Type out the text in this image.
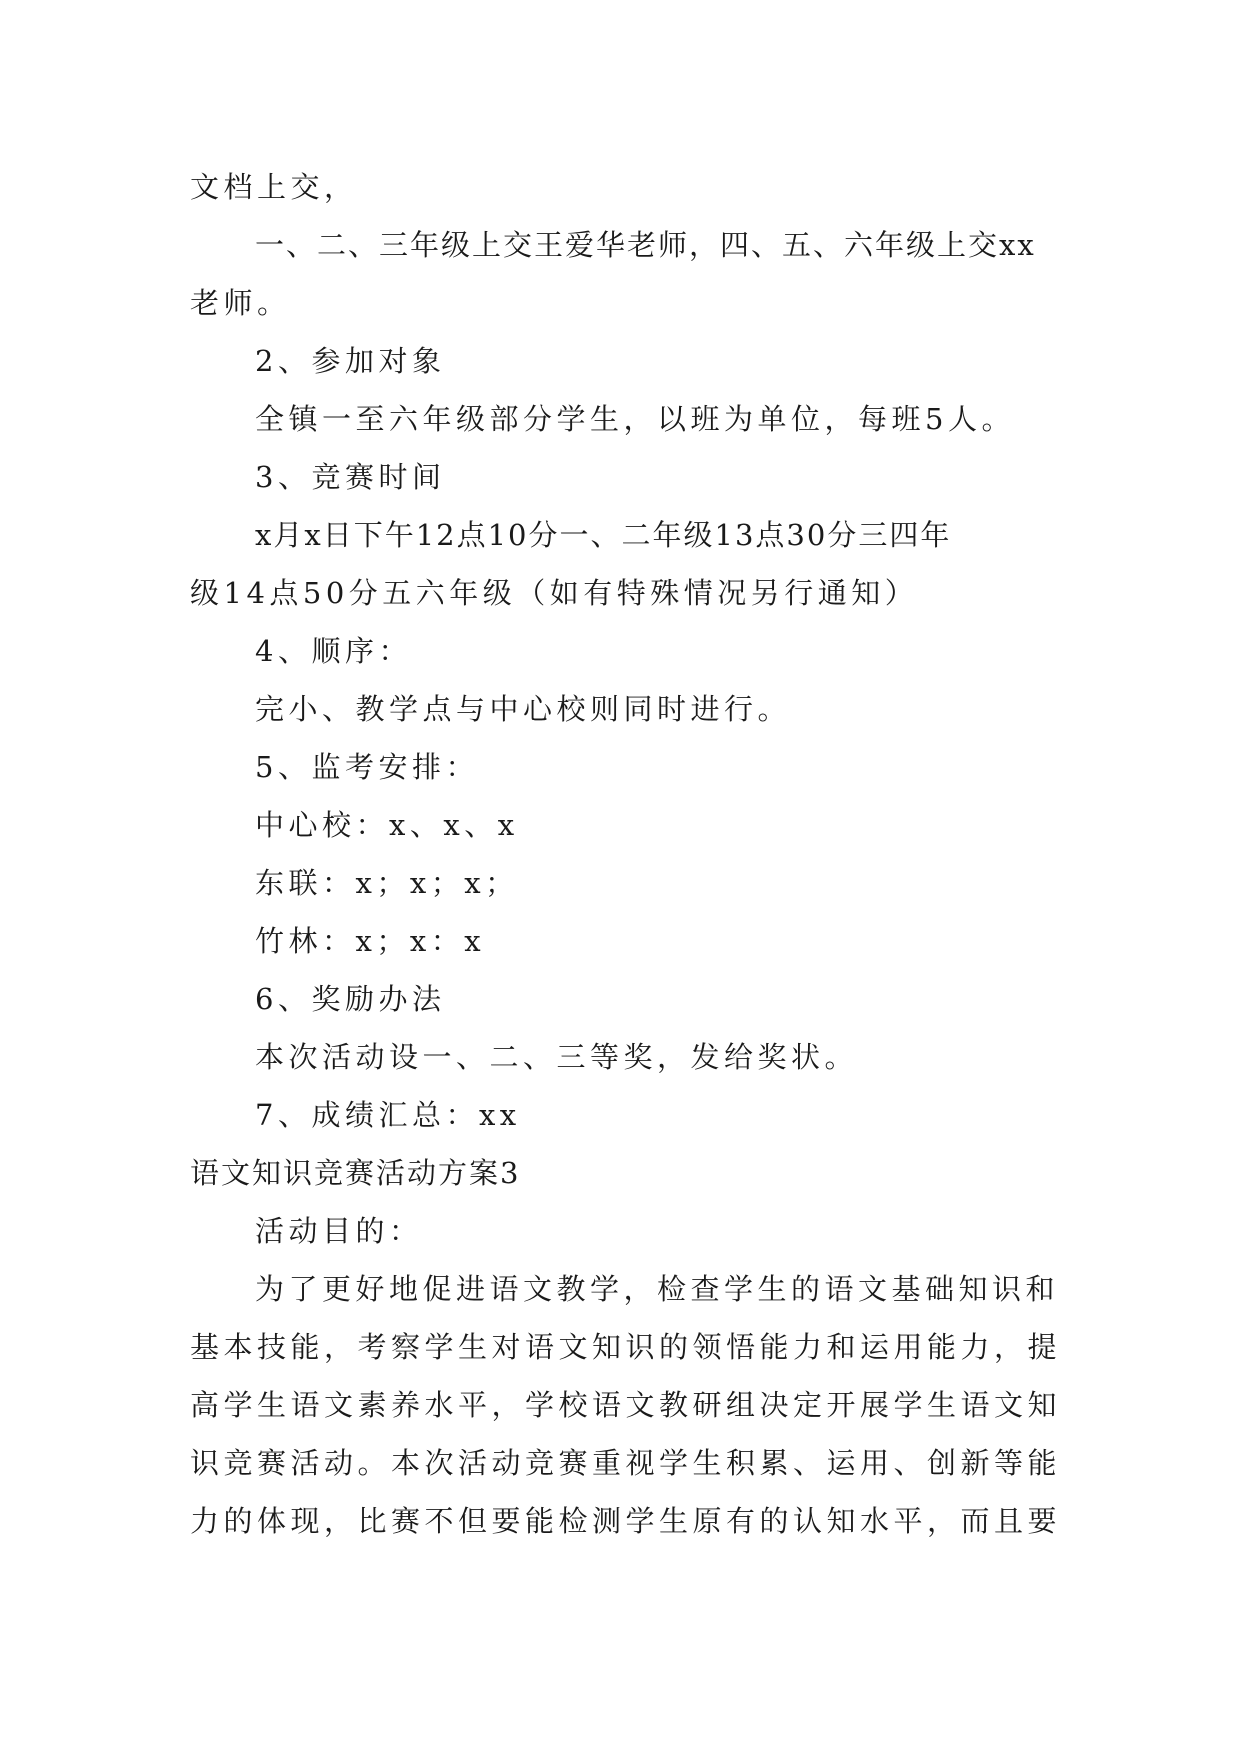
文档上交，
一、二、三年级上交王爱华老师，四、五、六年级上交xx
老师。
2、参加对象
全镇一至六年级部分学生，以班为单位，每班5人。
3、竞赛时间
x月x日下午12点10分一、二年级13点30分三四年
级14点50分五六年级（如有特殊情况另行通知）
4、顺序：
完小、教学点与中心校则同时进行。
5、监考安排：
中心校：x、x、x
东联：x；x；x；
竹林：x；x：x
6、奖励办法
本次活动设一、二、三等奖，发给奖状。
7、成绩汇总：xx
语文知识竞赛活动方案3
活动目的：
为了更好地促进语文教学，检查学生的语文基础知识和
基本技能，考察学生对语文知识的领悟能力和运用能力，提
高学生语文素养水平，学校语文教研组决定开展学生语文知
识竞赛活动。本次活动竞赛重视学生积累、运用、创新等能
力的体现，比赛不但要能检测学生原有的认知水平，而且要
